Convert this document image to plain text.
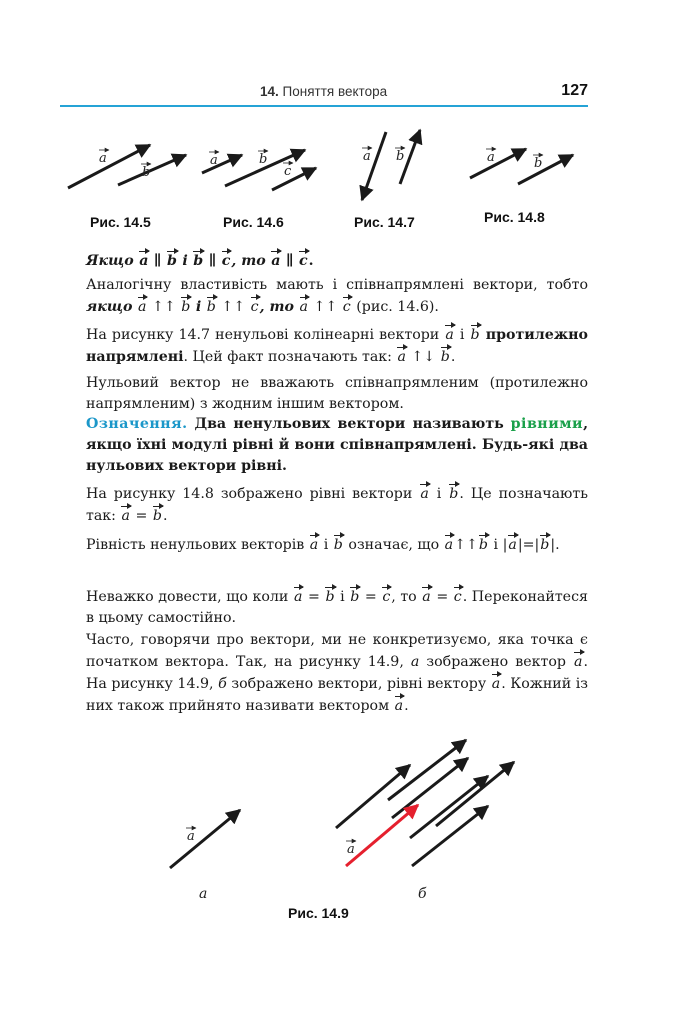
14. Поняття вектора	127
a
b
Рис. 14.5
a	b
c
Рис. 14.6
a b
Рис. 14.7
a	b
Рис. 14.8
a
а
a
б
Рис. 14.9
Якщо a ∥ b і b ∥ c, то a ∥ c.
Аналогічну властивість мають і співнапрямлені вектори, тобто якщо a ↑↑ b і b ↑↑ c, то a ↑↑ c (рис. 14.6).
На рисунку 14.7 ненульові колінеарні вектори a і b протилежно напрямлені. Цей факт позначають так: a ↑↓ b.
Нульовий вектор не вважають співнапрямленим (протилежно напрямленим) з жодним іншим вектором.
Означення. Два ненульових вектори називають рівними, якщо їхні модулі рівні й вони співнапрямлені. Будь-які два нульових вектори рівні.
На рисунку 14.8 зображено рівні вектори a і b. Це позначають так: a = b.
Рівність ненульових векторів a і b означає, що a↑↑b і |a|=|b|.
Неважко довести, що коли a = b і b = c, то a = c. Переконайтеся в цьому самостійно.
Часто, говорячи про вектори, ми не конкретизуємо, яка точка є початком вектора. Так, на рисунку 14.9, а зображено вектор a. На рисунку 14.9, б зображено вектори, рівні вектору a. Кожний із них також прийнято називати вектором a.
